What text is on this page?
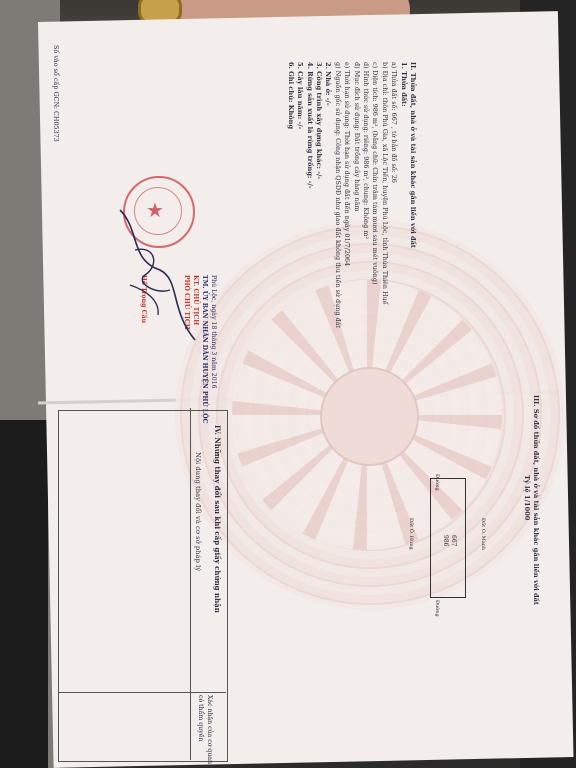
II. Thửa đất, nhà ở và tài sản khác gắn liền với đất
1. Thửa đất:
a) Thửa đất số: 667 , tờ bản đồ số: 26
b) Địa chỉ: thôn Phú Gia, xã Lộc Tiến, huyện Phú Lộc, tỉnh Thừa Thiên Huế
c) Diện tích: 986 m², (bằng chữ: Chín trăm tám mươi sáu mét vuông)
d) Hình thức sử dụng: riêng: 986 m², chung: Không m²
đ) Mục đích sử dụng: Đất trồng cây hàng năm
e) Thời hạn sử dụng: Thời hạn sử dụng đất đến ngày 01/7/2064
g) Nguồn gốc sử dụng: Công nhận QSDĐ như giao đất không thu tiền sử dụng đất
2. Nhà ở: -/-
3. Công trình xây dựng khác: -/-
4. Rừng sản xuất là rừng trồng: -/-
5. Cây lâu năm: -/-
6. Ghi chú: Không
Phú Lộc, ngày 18 tháng 3 năm 2016
TM. ỦY BAN NHÂN DÂN HUYỆN PHÚ LỘC
KT. CHỦ TỊCH
PHÓ CHỦ TỊCH
Hồ Trọng Cầu
★
III. Sơ đồ thửa đất, nhà ở và tài sản khác gắn liền với đất
Tỷ lệ 1/1000
667
986
Đường
Đường
Đất O. Manh
Đất Ô. Hùng
IV. Những thay đổi sau khi cấp giấy chứng nhận
Nội dung thay đổi và cơ sở pháp lý
Xác nhận của cơ quan
có thẩm quyền
Số vào sổ cấp GCN: CH05373
